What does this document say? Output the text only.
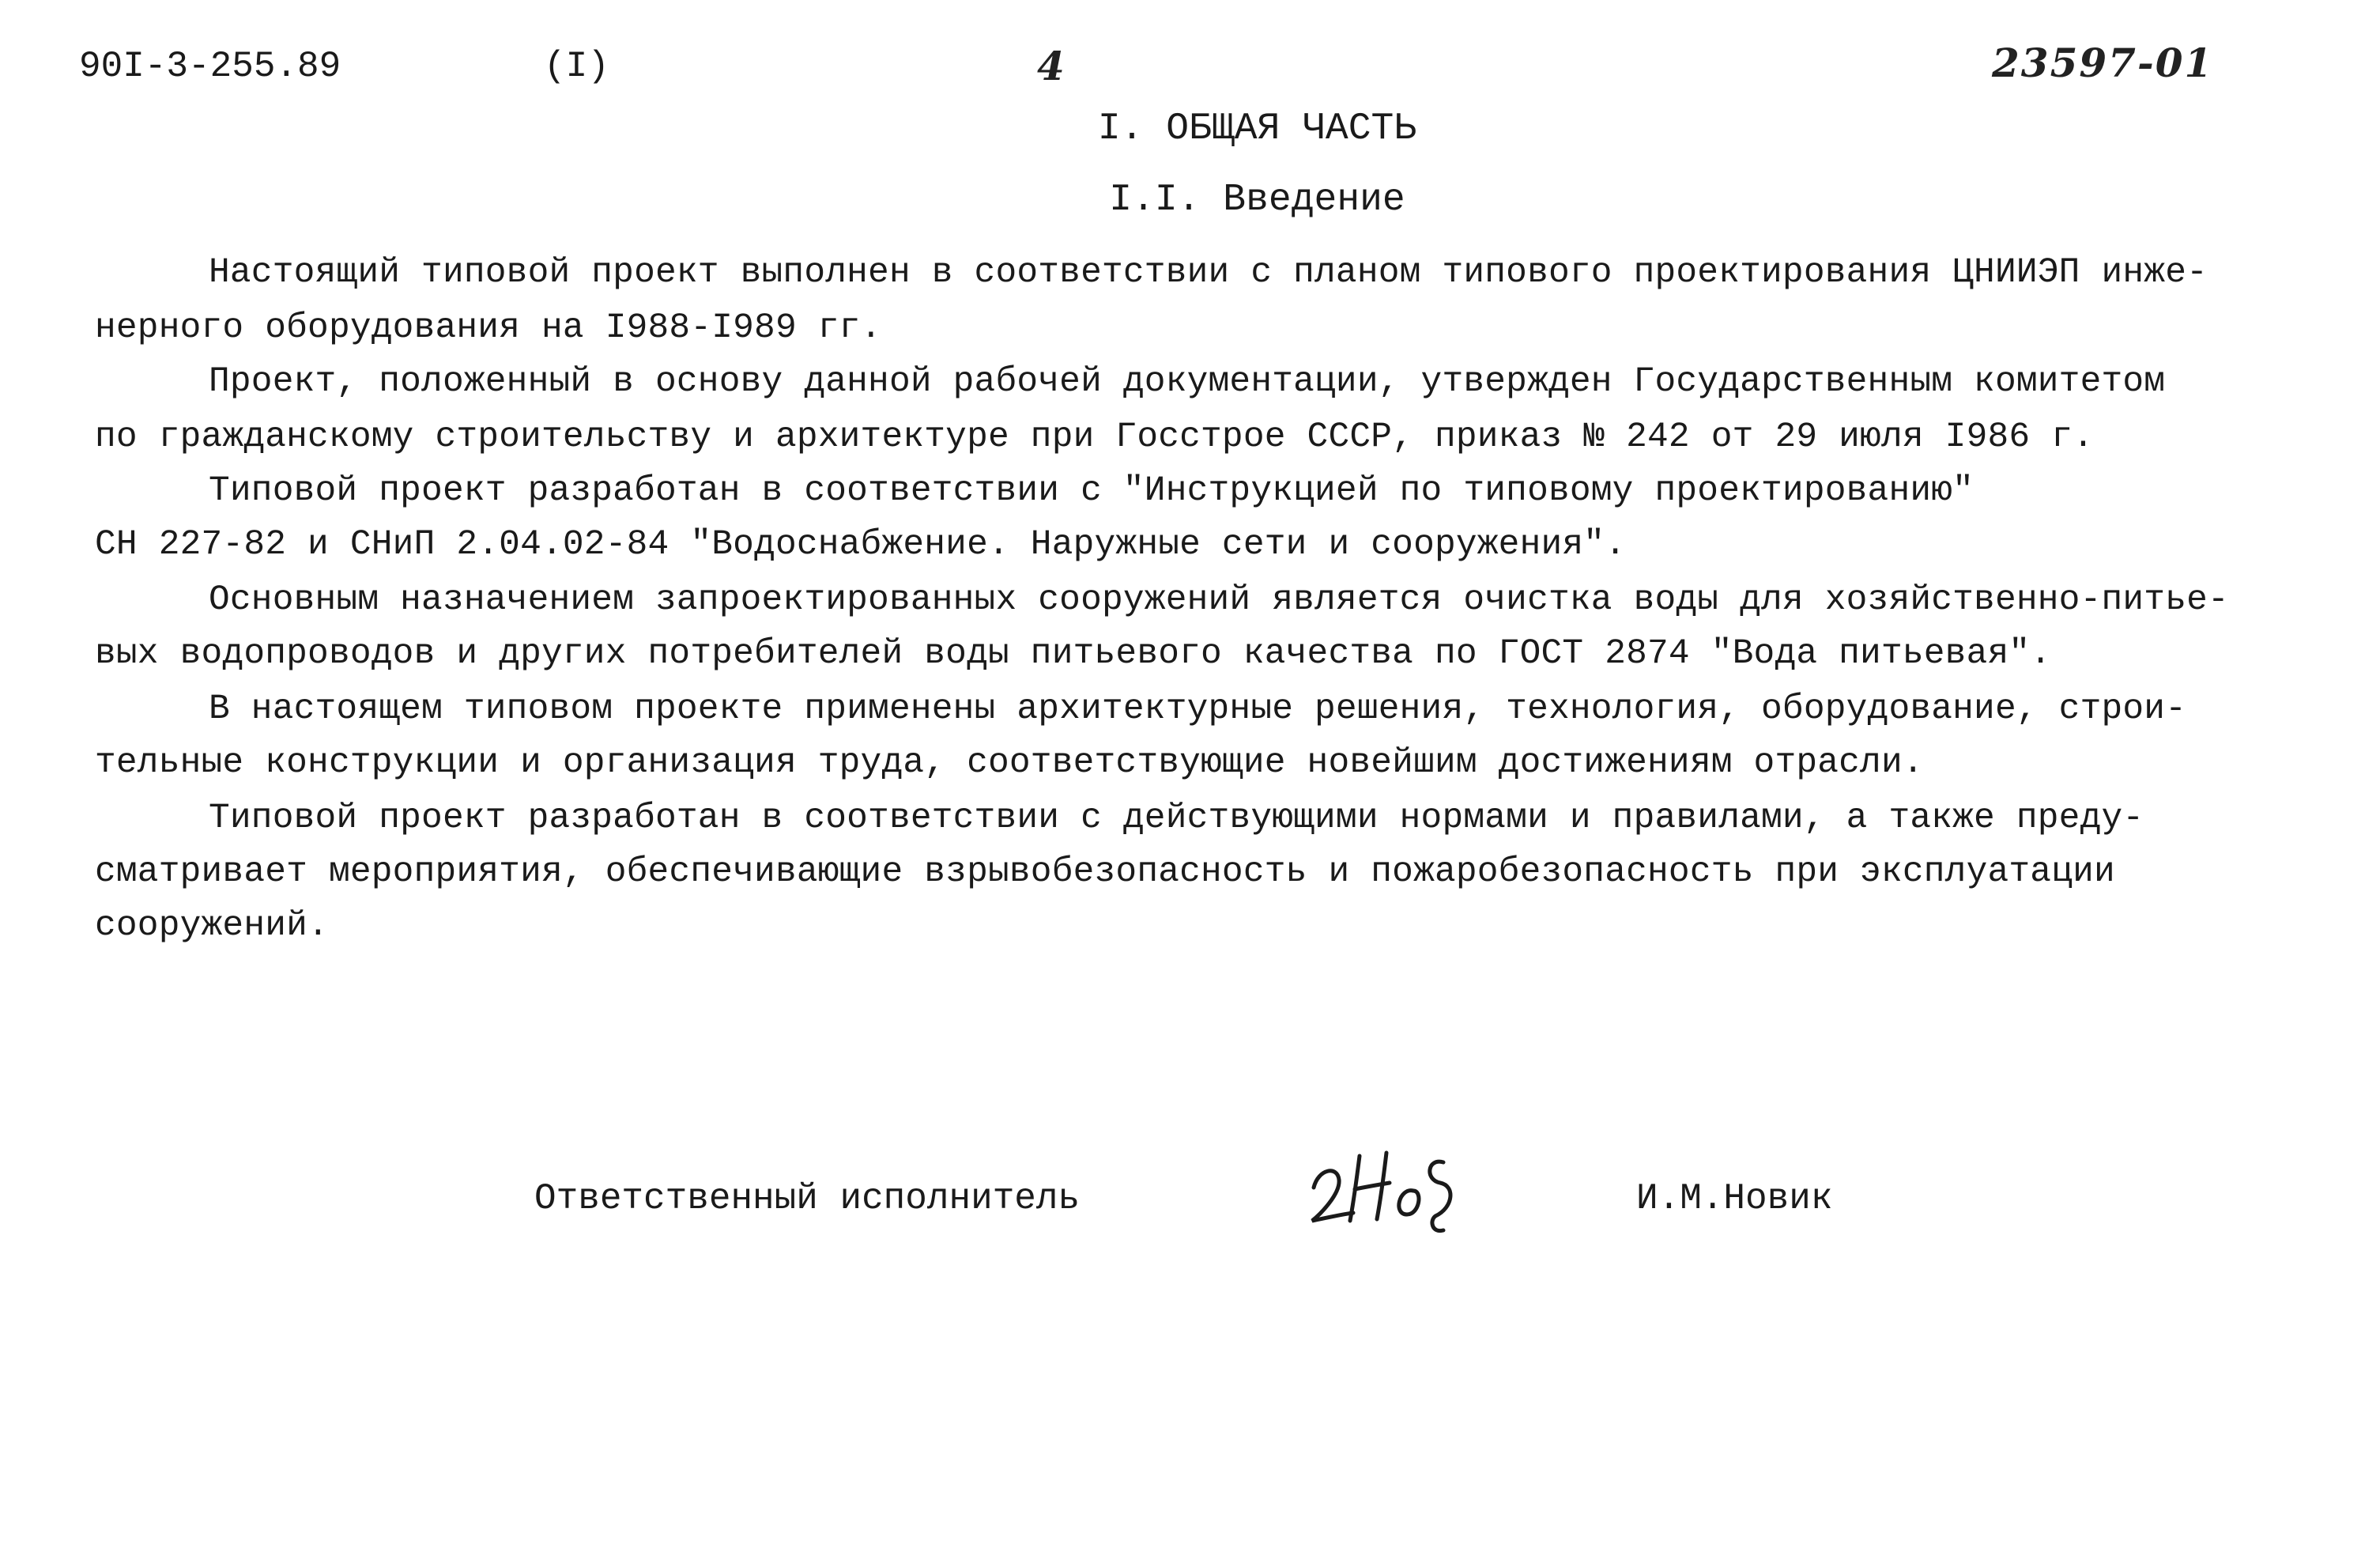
90I-3-255.89	(I)	4	23597-01
I. ОБЩАЯ ЧАСТЬ
I.I. Введение
Настоящий типовой проект выполнен в соответствии с планом типового проектирования ЦНИИЭП инже-
нерного оборудования на I988-I989 гг.
Проект, положенный в основу данной рабочей документации, утвержден Государственным комитетом
по гражданскому строительству и архитектуре при Госстрое СССР, приказ № 242 от 29 июля I986 г.
Типовой проект разработан в соответствии с "Инструкцией по типовому проектированию"
СН 227-82 и СНиП 2.04.02-84 "Водоснабжение. Наружные сети и сооружения".
Основным назначением запроектированных сооружений является очистка воды для хозяйственно-питье-
вых водопроводов и других потребителей воды питьевого качества по ГОСТ 2874 "Вода питьевая".
В настоящем типовом проекте применены архитектурные решения, технология, оборудование, строи-
тельные конструкции и организация труда, соответствующие новейшим достижениям отрасли.
Типовой проект разработан в соответствии с действующими нормами и правилами, а также преду-
сматривает мероприятия, обеспечивающие взрывобезопасность и пожаробезопасность при эксплуатации
сооружений.
Ответственный исполнитель	И.М.Новик
